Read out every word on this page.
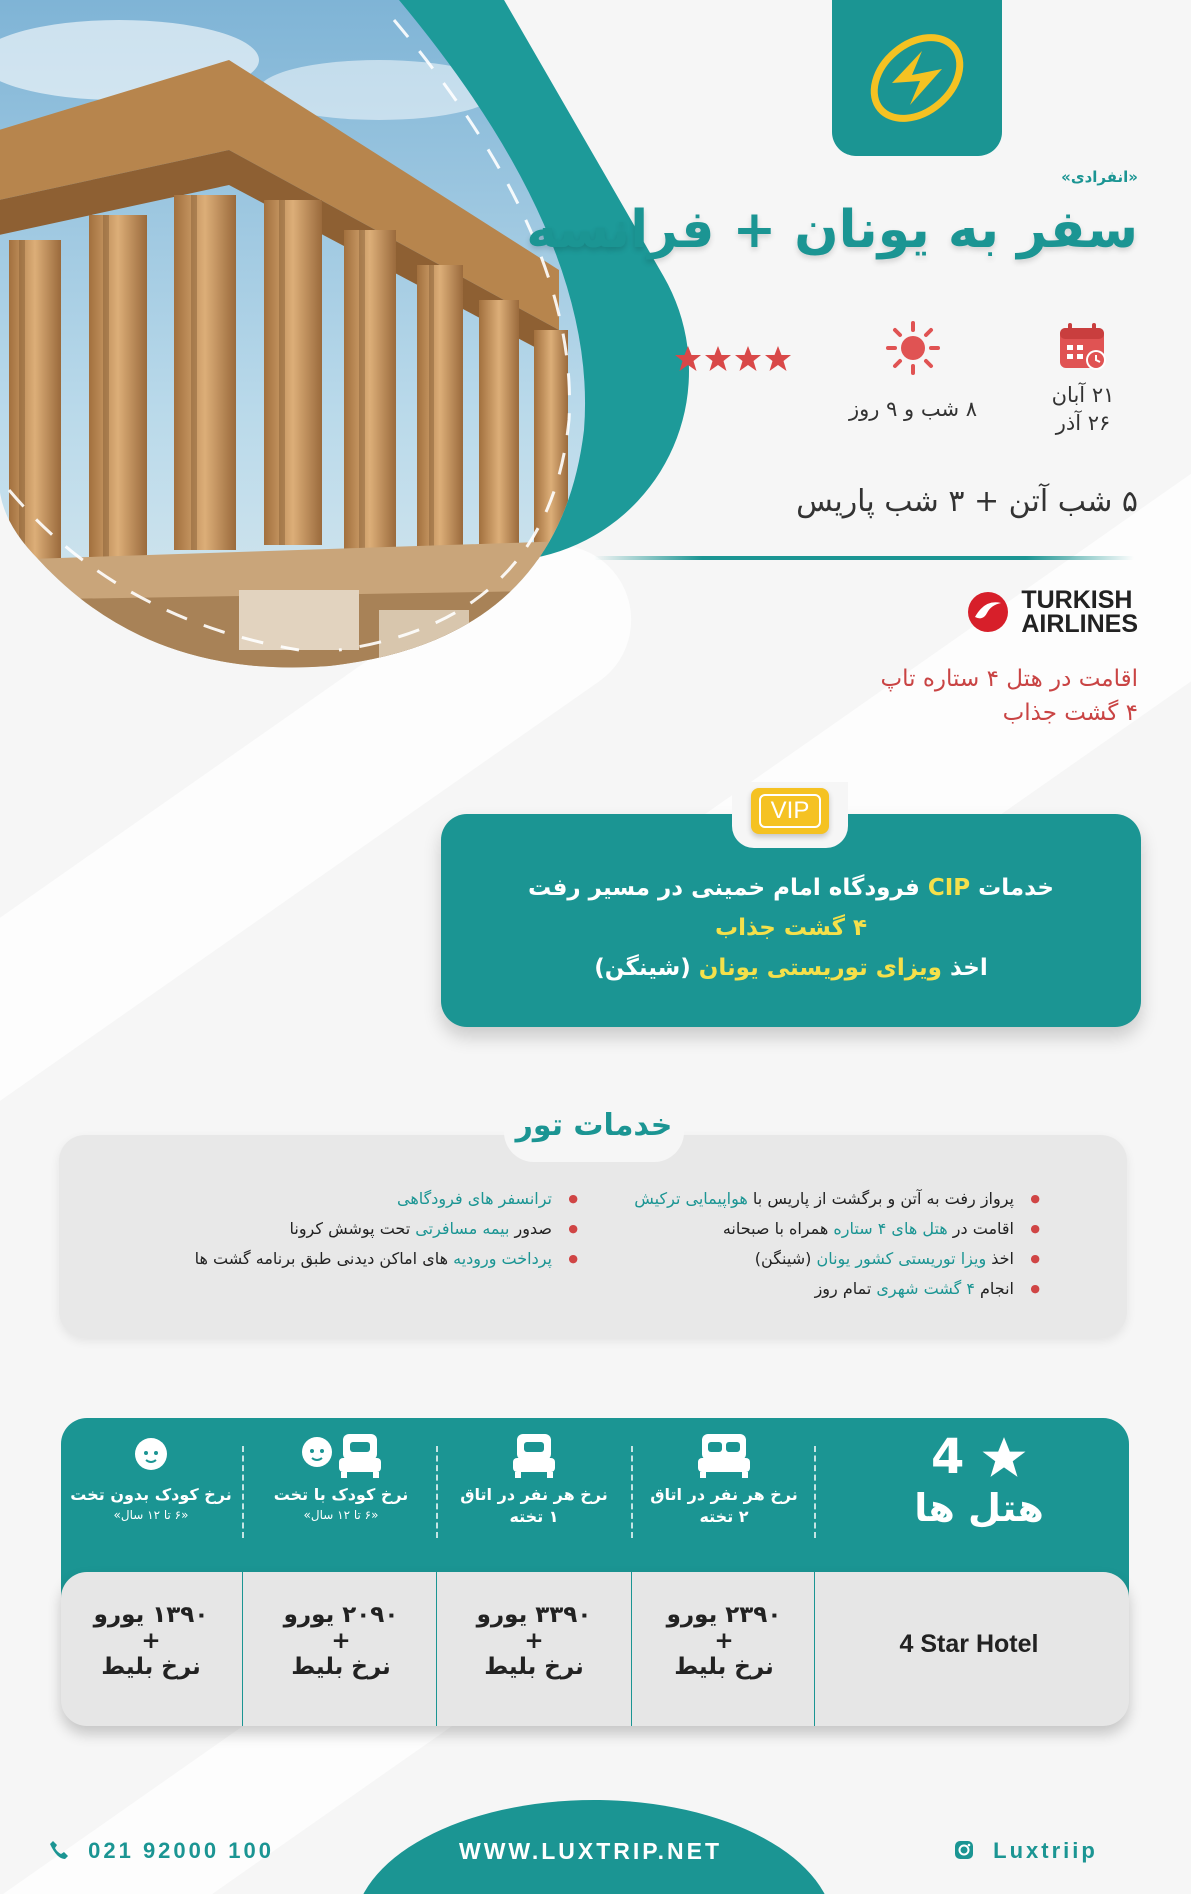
«انفرادی»
سفر به یونان + فرانسه
۲۱ آبان
۲۶ آذر
۸ شب و ۹ روز
۵ شب آتن + ۳ شب پاریس
TURKISH
AIRLINES
اقامت در هتل ۴ ستاره تاپ
۴ گشت جذاب
VIP
خدمات CIP فرودگاه امام خمینی در مسیر رفت
۴ گشت جذاب
اخذ ویزای توریستی یونان (شینگن)
خدمات تور
● پرواز رفت به آتن و برگشت از پاریس با هواپیمایی ترکیش
● اقامت در هتل های ۴ ستاره همراه با صبحانه
● اخذ ویزا توریستی کشور یونان (شینگن)
● انجام ۴ گشت شهری تمام روز
● ترانسفر های فرودگاهی
● صدور بیمه مسافرتی تحت پوشش کرونا
● پرداخت ورودیه های اماکن دیدنی طبق برنامه گشت ها
4
هتل ها
نرخ هر نفر در اتاق
۲ تخته
نرخ هر نفر در اتاق
۱ تخته
نرخ کودک با تخت
«۶ تا ۱۲ سال»
نرخ کودک بدون تخت
«۶ تا ۱۲ سال»
4 Star Hotel
۲۳۹۰ یورو
+
نرخ بلیط
۳۳۹۰ یورو
+
نرخ بلیط
۲۰۹۰ یورو
+
نرخ بلیط
۱۳۹۰ یورو
+
نرخ بلیط
021 92000 100	WWW.LUXTRIP.NET	Luxtriip
